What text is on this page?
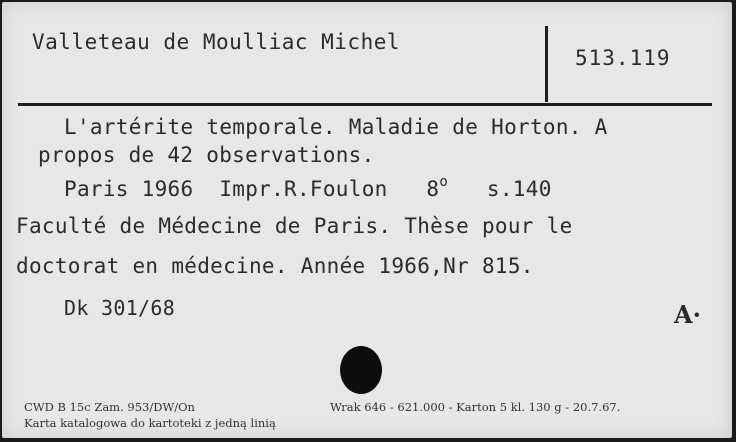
Valleteau de Moulliac Michel
513.119
L'artérite temporale. Maladie de Horton. A
propos de 42 observations.
Paris 1966  Impr.R.Foulon   8$^o$   s.140
Faculté de Médecine de Paris. Thèse pour le
doctorat en médecine. Année 1966,Nr 815.
Dk 301/68	A·
CWD B 15c Zam. 953/DW/On
Karta katalogowa do kartoteki z jedną linią
Wrak 646 - 621.000 - Karton 5 kl. 130 g - 20.7.67.
